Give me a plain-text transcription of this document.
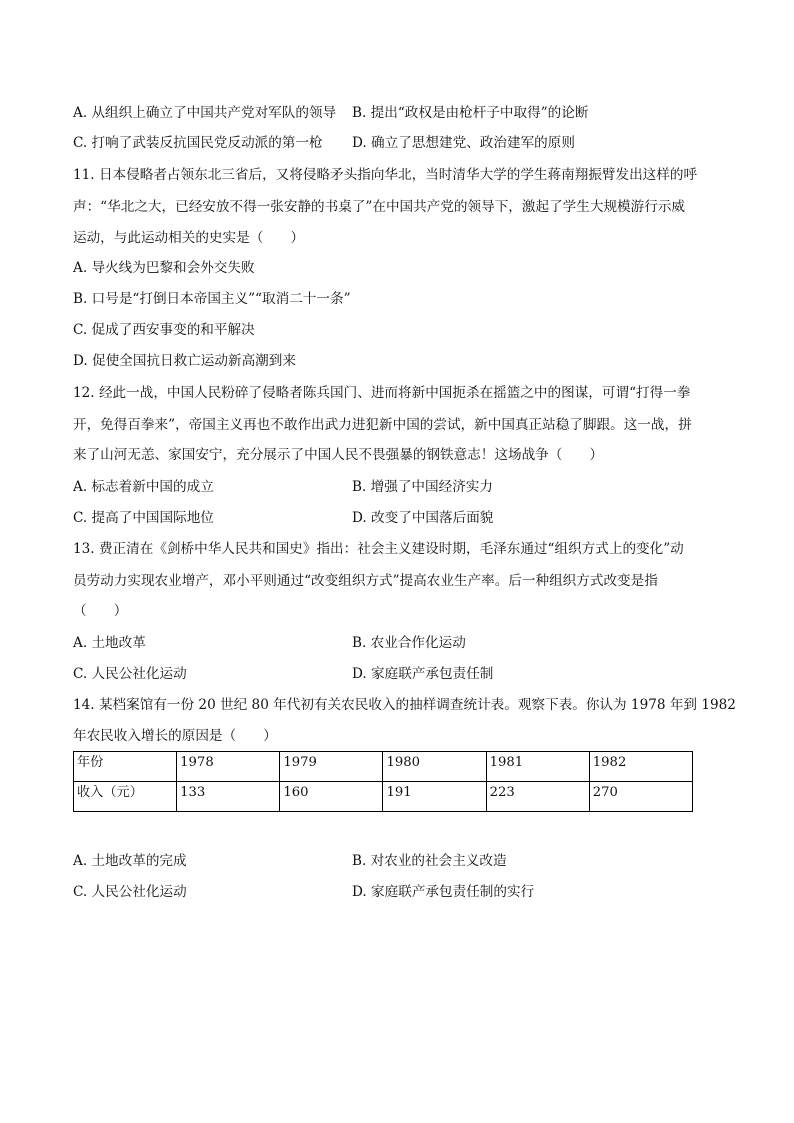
A. 从组织上确立了中国共产党对军队的领导 B. 提出“政权是由枪杆子中取得”的论断
C. 打响了武装反抗国民党反动派的第一枪 D. 确立了思想建党、政治建军的原则
11. 日本侵略者占领东北三省后，又将侵略矛头指向华北，当时清华大学的学生蒋南翔振臂发出这样的呼
声：“华北之大，已经安放不得一张安静的书桌了”在中国共产党的领导下，激起了学生大规模游行示威
运动，与此运动相关的史实是（　　）
A. 导火线为巴黎和会外交失败
B. 口号是“打倒日本帝国主义”“取消二十一条”
C. 促成了西安事变的和平解决
D. 促使全国抗日救亡运动新高潮到来
12. 经此一战，中国人民粉碎了侵略者陈兵国门、进而将新中国扼杀在摇篮之中的图谋，可谓“打得一拳
开，免得百拳来”，帝国主义再也不敢作出武力进犯新中国的尝试，新中国真正站稳了脚跟。这一战，拼
来了山河无恙、家国安宁，充分展示了中国人民不畏强暴的钢铁意志！这场战争（　　）
A. 标志着新中国的成立	B. 增强了中国经济实力
C. 提高了中国国际地位	D. 改变了中国落后面貌
13. 费正清在《剑桥中华人民共和国史》指出：社会主义建设时期，毛泽东通过“组织方式上的变化”动
员劳动力实现农业增产，邓小平则通过“改变组织方式”提高农业生产率。后一种组织方式改变是指
（　　）
A. 土地改革	B. 农业合作化运动
C. 人民公社化运动	D. 家庭联产承包责任制
14. 某档案馆有一份 20 世纪 80 年代初有关农民收入的抽样调查统计表。观察下表。你认为 1978 年到 1982
年农民收入增长的原因是（　　）
年份	1978	1979	1980	1981	1982
收入（元）	133	160	191	223	270
A. 土地改革的完成	B. 对农业的社会主义改造
C. 人民公社化运动	D. 家庭联产承包责任制的实行
